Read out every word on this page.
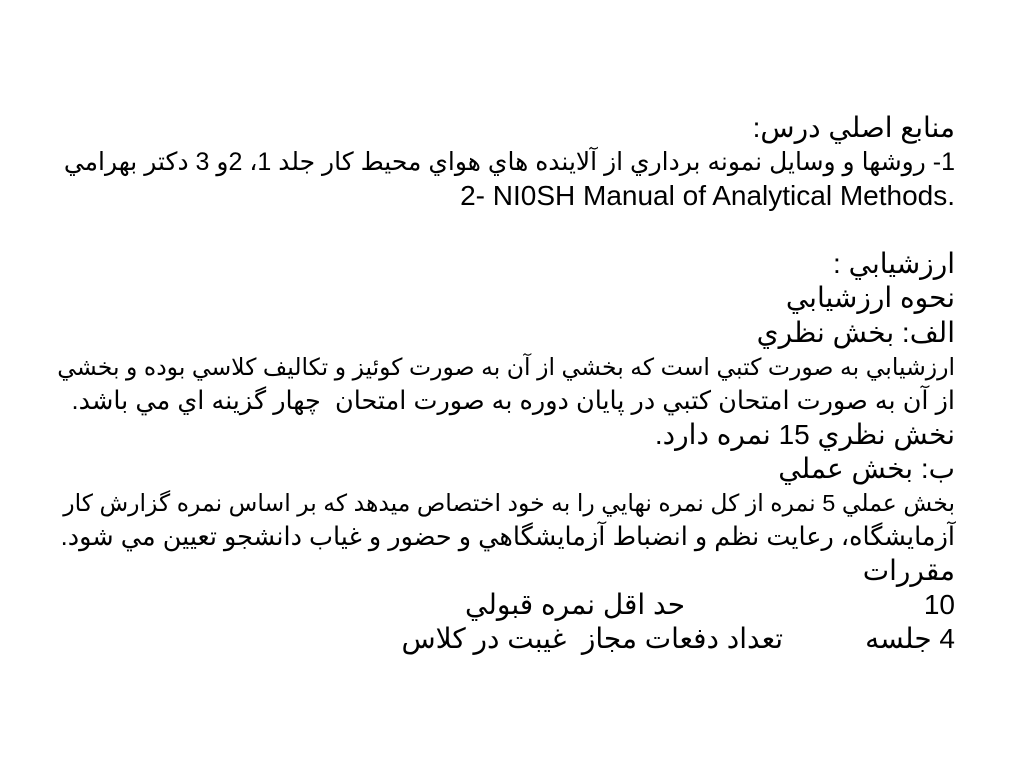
منابع اصلي درس:
1- روشها و وسايل نمونه برداري از آلاينده هاي هواي محيط كار جلد 1، 2و 3 دكتر بهرامي
2- NI0SH Manual of Analytical Methods.
ارزشيابي :
نحوه ارزشيابي
الف: بخش نظري
ارزشيابي به صورت كتبي است كه بخشي از آن به صورت كوئيز و تكاليف كلاسي بوده و بخشي
از آن به صورت امتحان كتبي در پايان دوره به صورت امتحان  چهار گزينه اي مي باشد.
نخش نظري 15 نمره دارد.
ب: بخش عملي
بخش عملي 5 نمره از كل نمره نهايي را به خود اختصاص ميدهد كه بر اساس نمره گزارش كار
آزمايشگاه، رعايت نظم و انضباط آزمايشگاهي و حضور و غياب دانشجو تعيين مي شود.
مقررات
10
حد اقل نمره قبولي
4 جلسه
تعداد دفعات مجاز  غيبت در كلاس
